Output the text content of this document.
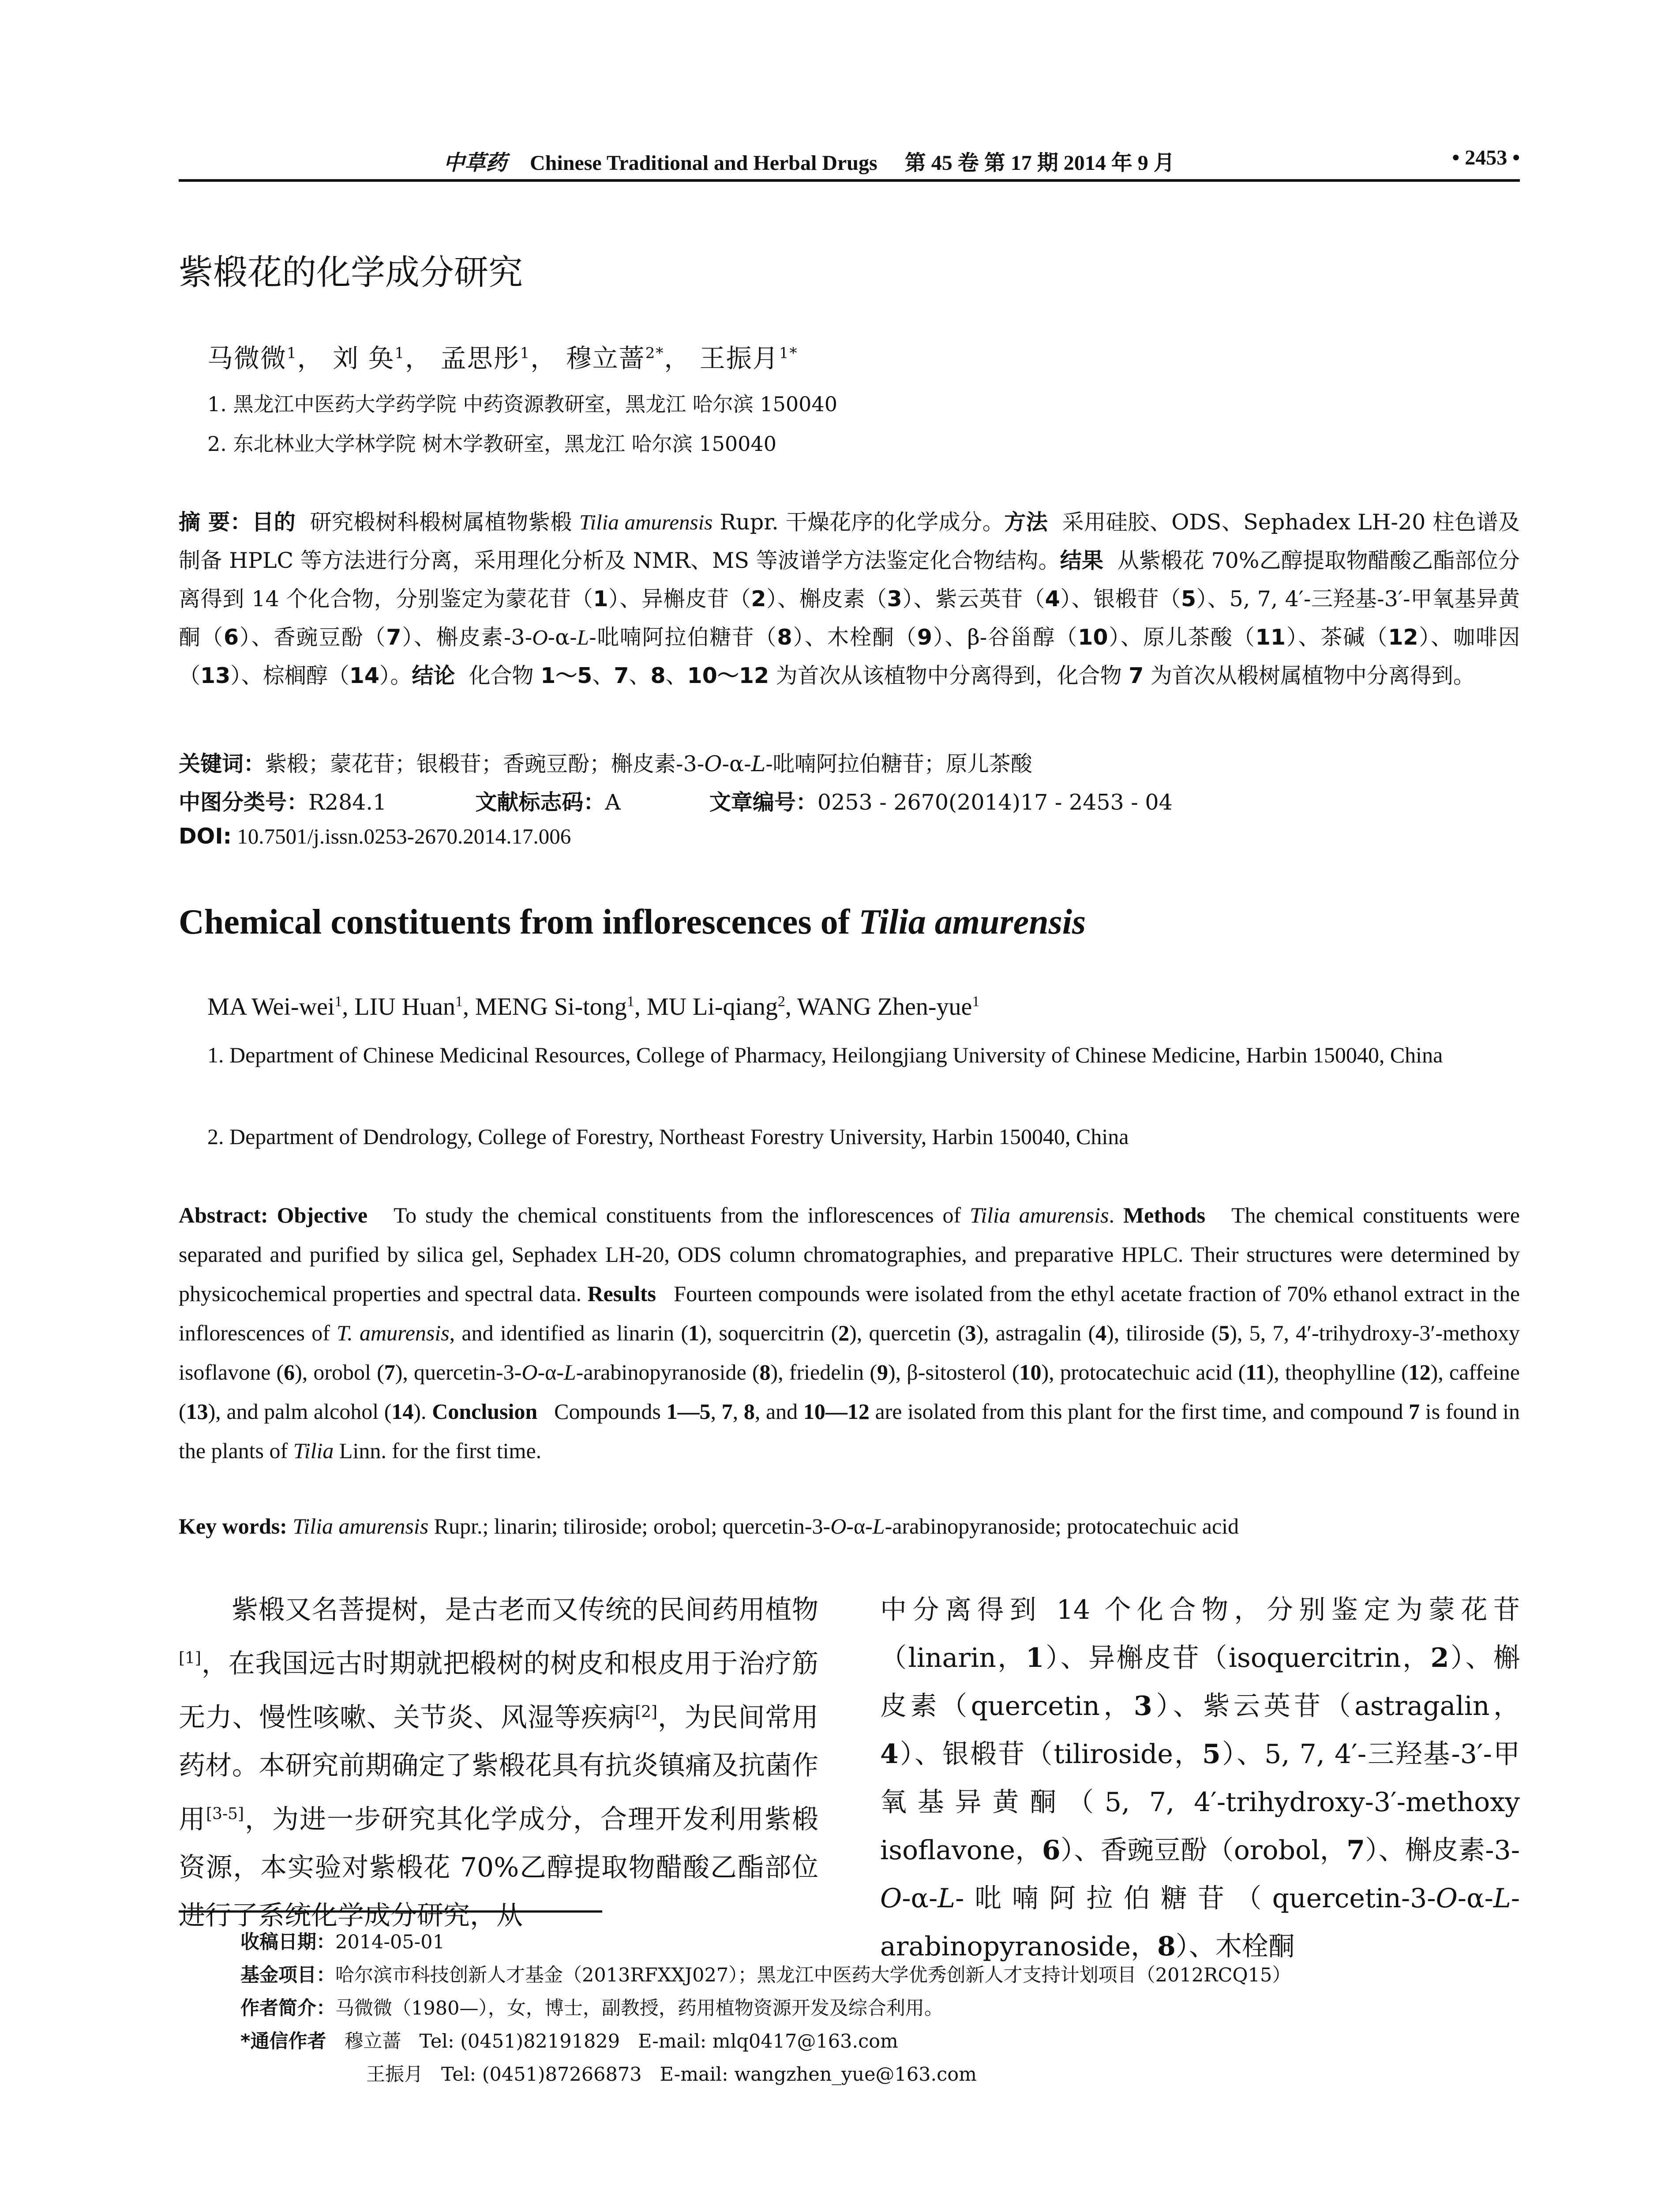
中草药 Chinese Traditional and Herbal Drugs 第 45 卷 第 17 期 2014 年 9 月	• 2453 •
紫椴花的化学成分研究
马微微$^1$， 刘 奂$^1$， 孟思彤$^1$， 穆立蔷$^{2*}$， 王振月$^{1*}$
1. 黑龙江中医药大学药学院 中药资源教研室，黑龙江 哈尔滨 150040
2. 东北林业大学林学院 树木学教研室，黑龙江 哈尔滨 150040
摘 要：目的 研究椴树科椴树属植物紫椴 Tilia amurensis Rupr. 干燥花序的化学成分。方法 采用硅胶、ODS、Sephadex LH-20 柱色谱及制备 HPLC 等方法进行分离，采用理化分析及 NMR、MS 等波谱学方法鉴定化合物结构。结果 从紫椴花 70%乙醇提取物醋酸乙酯部位分离得到 14 个化合物，分别鉴定为蒙花苷（1）、异槲皮苷（2）、槲皮素（3）、紫云英苷（4）、银椴苷（5）、5, 7, 4′-三羟基-3′-甲氧基异黄酮（6）、香豌豆酚（7）、槲皮素-3-O-α-L-吡喃阿拉伯糖苷（8）、木栓酮（9）、β-谷甾醇（10）、原儿茶酸（11）、茶碱（12）、咖啡因（13）、棕榈醇（14）。结论 化合物 1～5、7、8、10～12 为首次从该植物中分离得到，化合物 7 为首次从椴树属植物中分离得到。
关键词：紫椴；蒙花苷；银椴苷；香豌豆酚；槲皮素-3-O-α-L-吡喃阿拉伯糖苷；原儿茶酸
中图分类号：R284.1	文献标志码：A	文章编号：0253 - 2670(2014)17 - 2453 - 04
DOI: 10.7501/j.issn.0253-2670.2014.17.006
Chemical constituents from inflorescences of Tilia amurensis
MA Wei-wei$^1$, LIU Huan$^1$, MENG Si-tong$^1$, MU Li-qiang$^2$, WANG Zhen-yue$^1$
1. Department of Chinese Medicinal Resources, College of Pharmacy, Heilongjiang University of Chinese Medicine, Harbin 150040, China
2. Department of Dendrology, College of Forestry, Northeast Forestry University, Harbin 150040, China
Abstract: Objective To study the chemical constituents from the inflorescences of Tilia amurensis. Methods The chemical constituents were separated and purified by silica gel, Sephadex LH-20, ODS column chromatographies, and preparative HPLC. Their structures were determined by physicochemical properties and spectral data. Results Fourteen compounds were isolated from the ethyl acetate fraction of 70% ethanol extract in the inflorescences of T. amurensis, and identified as linarin (1), soquercitrin (2), quercetin (3), astragalin (4), tiliroside (5), 5, 7, 4′-trihydroxy-3′-methoxy isoflavone (6), orobol (7), quercetin-3-O-α-L-arabinopyranoside (8), friedelin (9), β-sitosterol (10), protocatechuic acid (11), theophylline (12), caffeine (13), and palm alcohol (14). Conclusion Compounds 1—5, 7, 8, and 10—12 are isolated from this plant for the first time, and compound 7 is found in the plants of Tilia Linn. for the first time.
Key words: Tilia amurensis Rupr.; linarin; tiliroside; orobol; quercetin-3-O-α-L-arabinopyranoside; protocatechuic acid
紫椴又名菩提树，是古老而又传统的民间药用植物[1]，在我国远古时期就把椴树的树皮和根皮用于治疗筋无力、慢性咳嗽、关节炎、风湿等疾病[2]，为民间常用药材。本研究前期确定了紫椴花具有抗炎镇痛及抗菌作用[3-5]，为进一步研究其化学成分，合理开发利用紫椴资源，本实验对紫椴花 70%乙醇提取物醋酸乙酯部位进行了系统化学成分研究，从
中分离得到 14 个化合物，分别鉴定为蒙花苷（linarin，1）、异槲皮苷（isoquercitrin，2）、槲皮素（quercetin，3）、紫云英苷（astragalin，4）、银椴苷（tiliroside，5）、5, 7, 4′-三羟基-3′-甲氧基异黄酮（5, 7, 4′-trihydroxy-3′-methoxy isoflavone，6）、香豌豆酚（orobol，7）、槲皮素-3-O-α-L-吡喃阿拉伯糖苷（quercetin-3-O-α-L-arabinopyranoside，8）、木栓酮
收稿日期：2014-05-01
基金项目：哈尔滨市科技创新人才基金（2013RFXXJ027）；黑龙江中医药大学优秀创新人才支持计划项目（2012RCQ15）
作者简介：马微微（1980—），女，博士，副教授，药用植物资源开发及综合利用。
*通信作者 穆立蔷   Tel: (0451)82191829   E-mail: mlq0417@163.com
王振月   Tel: (0451)87266873   E-mail: wangzhen_yue@163.com
